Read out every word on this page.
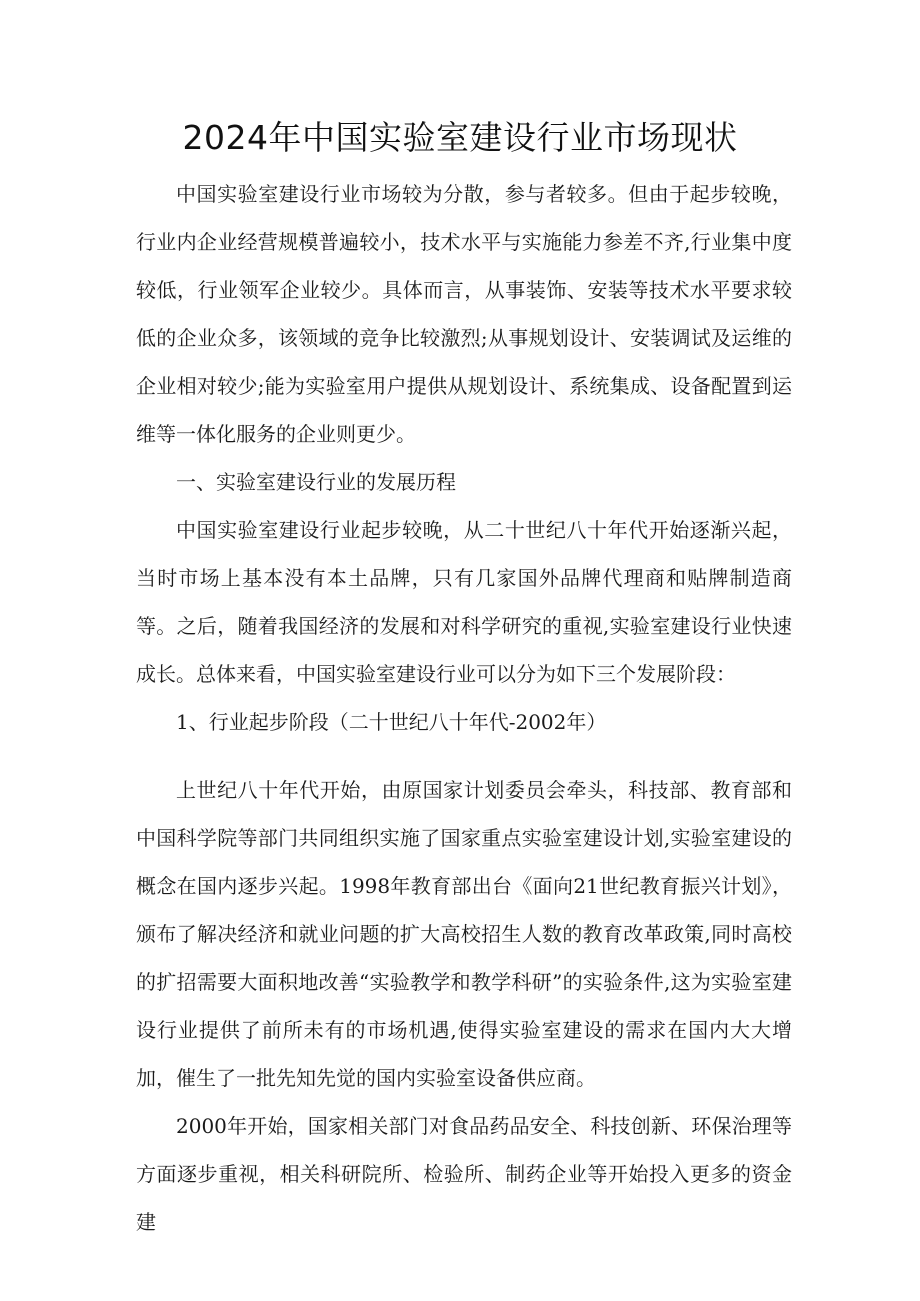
2024年中国实验室建设行业市场现状

中国实验室建设行业市场较为分散，参与者较多。但由于起步较晚，行业内企业经营规模普遍较小，技术水平与实施能力参差不齐,行业集中度较低，行业领军企业较少。具体而言，从事装饰、安装等技术水平要求较低的企业众多，该领域的竞争比较激烈;从事规划设计、安装调试及运维的企业相对较少;能为实验室用户提供从规划设计、系统集成、设备配置到运维等一体化服务的企业则更少。

一、实验室建设行业的发展历程

中国实验室建设行业起步较晚，从二十世纪八十年代开始逐渐兴起，当时市场上基本没有本土品牌，只有几家国外品牌代理商和贴牌制造商等。之后，随着我国经济的发展和对科学研究的重视,实验室建设行业快速成长。总体来看，中国实验室建设行业可以分为如下三个发展阶段：

1、行业起步阶段（二十世纪八十年代-2002年）

上世纪八十年代开始，由原国家计划委员会牵头，科技部、教育部和中国科学院等部门共同组织实施了国家重点实验室建设计划,实验室建设的概念在国内逐步兴起。1998年教育部出台《面向21世纪教育振兴计划》，颁布了解决经济和就业问题的扩大高校招生人数的教育改革政策,同时高校的扩招需要大面积地改善“实验教学和教学科研”的实验条件,这为实验室建设行业提供了前所未有的市场机遇,使得实验室建设的需求在国内大大增加，催生了一批先知先觉的国内实验室设备供应商。

2000年开始，国家相关部门对食品药品安全、科技创新、环保治理等方面逐步重视，相关科研院所、检验所、制药企业等开始投入更多的资金建
